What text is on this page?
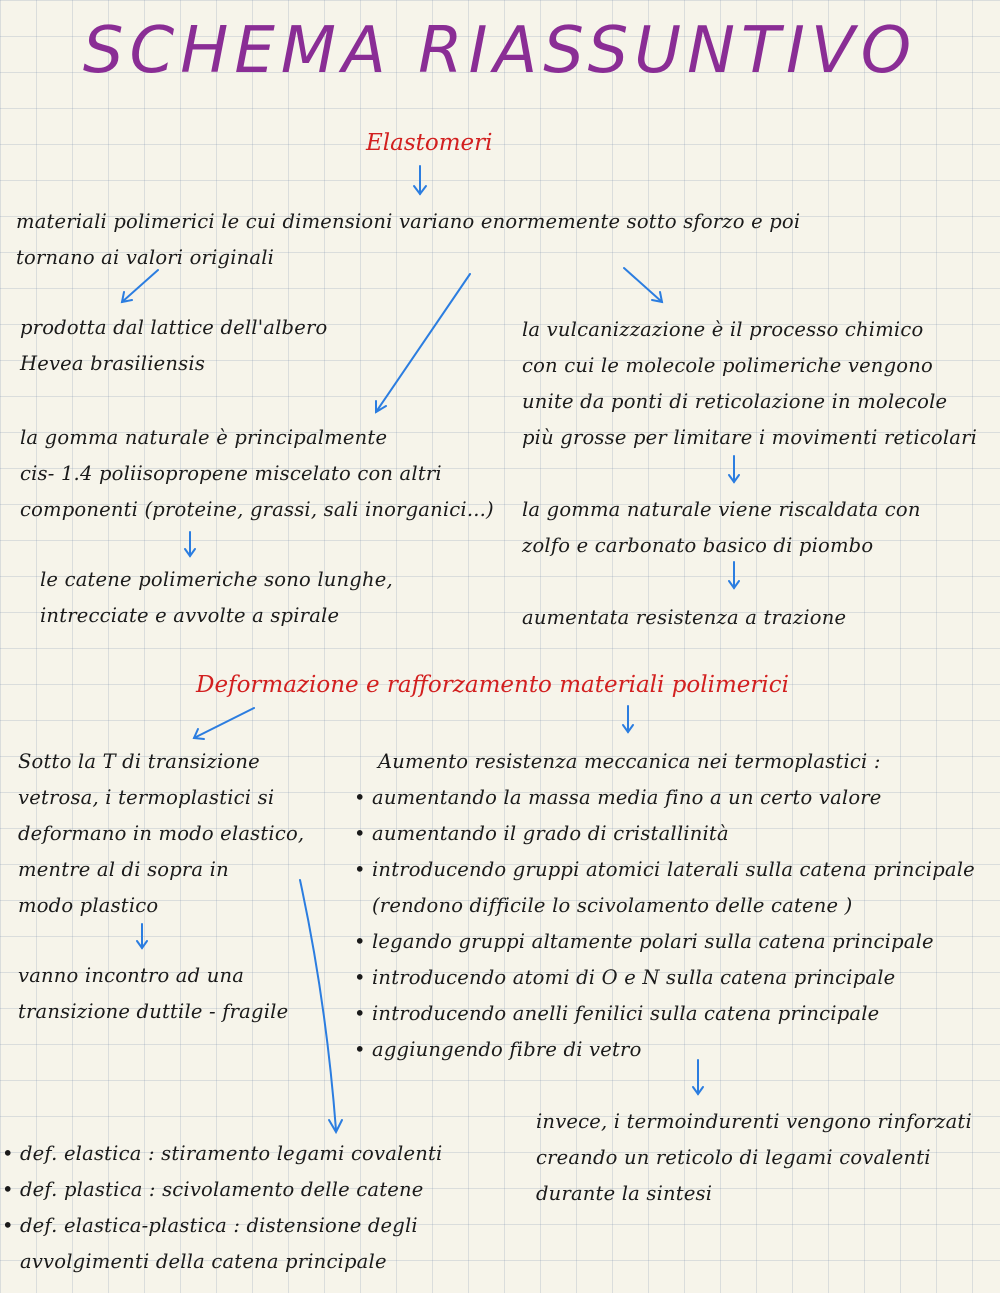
SCHEMA RIASSUNTIVO
Elastomeri
materiali polimerici le cui dimensioni variano enormemente sotto sforzo e poi
tornano ai valori originali
prodotta dal lattice dell'albero
Hevea brasiliensis
la gomma naturale è principalmente
cis- 1.4 poliisopropene miscelato con altri
componenti (proteine, grassi, sali inorganici...)
le catene polimeriche sono lunghe,
intrecciate e avvolte a spirale
la vulcanizzazione è il processo chimico
con cui le molecole polimeriche vengono
unite da ponti di reticolazione in molecole
più grosse per limitare i movimenti reticolari
la gomma naturale viene riscaldata con
zolfo e carbonato basico di piombo
aumentata resistenza a trazione
Deformazione e rafforzamento materiali polimerici
Sotto la T di transizione
vetrosa, i termoplastici si
deformano in modo elastico,
mentre al di sopra in
modo plastico
vanno incontro ad una
transizione duttile - fragile
Aumento resistenza meccanica nei termoplastici :
• aumentando la massa media fino a un certo valore
• aumentando il grado di cristallinità
• introducendo gruppi atomici laterali sulla catena principale
(rendono difficile lo scivolamento delle catene )
• legando gruppi altamente polari sulla catena principale
• introducendo atomi di O e N sulla catena principale
• introducendo anelli fenilici sulla catena principale
• aggiungendo fibre di vetro
invece, i termoindurenti vengono rinforzati
creando un reticolo di legami covalenti
durante la sintesi
• def. elastica : stiramento legami covalenti
• def. plastica : scivolamento delle catene
• def. elastica-plastica : distensione degli
avvolgimenti della catena principale
